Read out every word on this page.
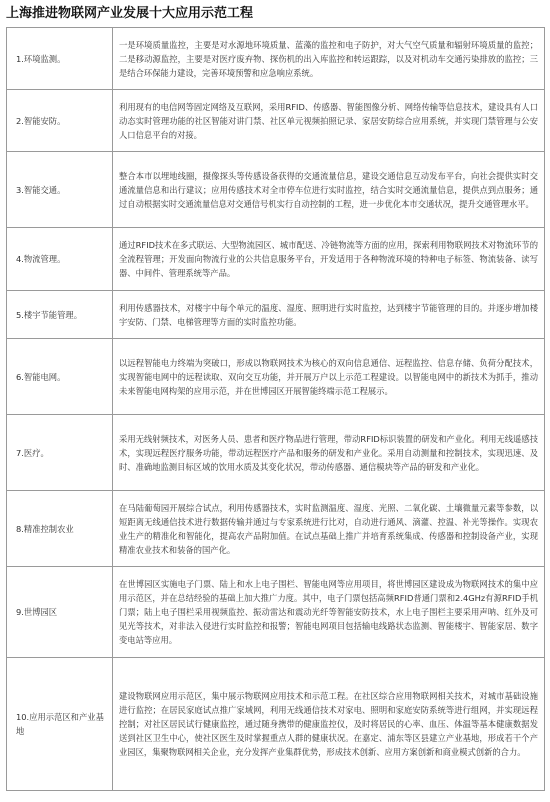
上海推进物联网产业发展十大应用示范工程
1.环境监测。	一是环境质量监控，主要是对水源地环境质量、蓝藻的监控和电子防护，对大气空气质量和辐射环境质量的监控；二是移动源监控，主要是对医疗废弃物、探伤机的出入库监控和转运跟踪，以及对机动车交通污染排放的监控；三是结合环保能力建设，完善环境预警和应急响应系统。
2.智能安防。	利用现有的电信网等固定网络及互联网，采用RFID、传感器、智能图像分析、网络传输等信息技术，建设具有人口动态实时管理功能的社区智能对讲门禁、社区单元视频拍照记录、家居安防综合应用系统，并实现门禁管理与公安人口信息平台的对接。
3.智能交通。	整合本市以埋地线圈，摄像探头等传感设备获得的交通流量信息，建设交通信息互动发布平台，向社会提供实时交通流量信息和出行建议；应用传感技术对全市停车位进行实时监控，结合实时交通流量信息，提供点到点服务；通过自动根据实时交通流量信息对交通信号机实行自动控制的工程，进一步优化本市交通状况，提升交通管理水平。
4.物流管理。	通过RFID技术在多式联运、大型物流园区、城市配送、冷链物流等方面的应用，探索利用物联网技术对物流环节的全流程管理；开发面向物流行业的公共信息服务平台，开发适用于各种物流环境的特种电子标签、物流装备、读写器、中间件、管理系统等产品。
5.楼宇节能管理。	利用传感器技术，对楼宇中每个单元的温度、湿度、照明进行实时监控，达到楼宇节能管理的目的。并逐步增加楼宇安防、门禁、电梯管理等方面的实时监控功能。
6.智能电网。	以远程智能电力终端为突破口，形成以物联网技术为核心的双向信息通信、远程监控、信息存储、负荷分配技术，实现智能电网中的远程读取、双向交互功能，并开展万户以上示范工程建设。以智能电网中的新技术为抓手，推动未来智能电网构架的应用示范，并在世博园区开展智能终端示范工程展示。
7.医疗。	采用无线射频技术，对医务人员、患者和医疗物品进行管理，带动RFID标识装置的研发和产业化。利用无线遥感技术，实现远程医疗服务功能，带动远程医疗产品和服务的研发和产业化。采用自动测量和控制技术，实现迅速、及时、准确地监测目标区域的饮用水质及其变化状况，带动传感器、通信模块等产品的研发和产业化。
8.精准控制农业	在马陆葡萄园开展综合试点，利用传感器技术，实时监测温度、湿度、光照、二氧化碳、土壤微量元素等参数，以短距离无线通信技术进行数据传输并通过与专家系统进行比对，自动进行通风、滴灌、控温、补光等操作。实现农业生产的精准化和智能化，提高农产品附加值。在试点基础上推广并培育系统集成、传感器和控制设备产业，实现精准农业技术和装备的国产化。
9.世博园区	在世博园区实施电子门票、陆上和水上电子围栏、智能电网等应用项目，将世博园区建设成为物联网技术的集中应用示范区，并在总结经验的基础上加大推广力度。其中，电子门票包括高频RFID普通门票和2.4GHz有源RFID手机门票；陆上电子围栏采用视频监控、振动雷达和震动光纤等智能安防技术，水上电子围栏主要采用声呐、红外及可见光等技术，对非法入侵进行实时监控和报警；智能电网项目包括输电线路状态监测、智能楼宇、智能家居、数字变电站等应用。
10.应用示范区和产业基地	建设物联网应用示范区，集中展示物联网应用技术和示范工程。在社区综合应用物联网相关技术，对城市基础设施进行监控；在居民家庭试点推广家域网，利用无线通信技术对家电、照明和家庭安防系统等进行组网，并实现远程控制；对社区居民试行健康监控，通过随身携带的健康监控仪，及时将居民的心率、血压、体温等基本健康数据发送到社区卫生中心，使社区医生及时掌握重点人群的健康状况。在嘉定、浦东等区县建立产业基地，形成若干个产业园区，集聚物联网相关企业，充分发挥产业集群优势，形成技术创新、应用方案创新和商业模式创新的合力。
